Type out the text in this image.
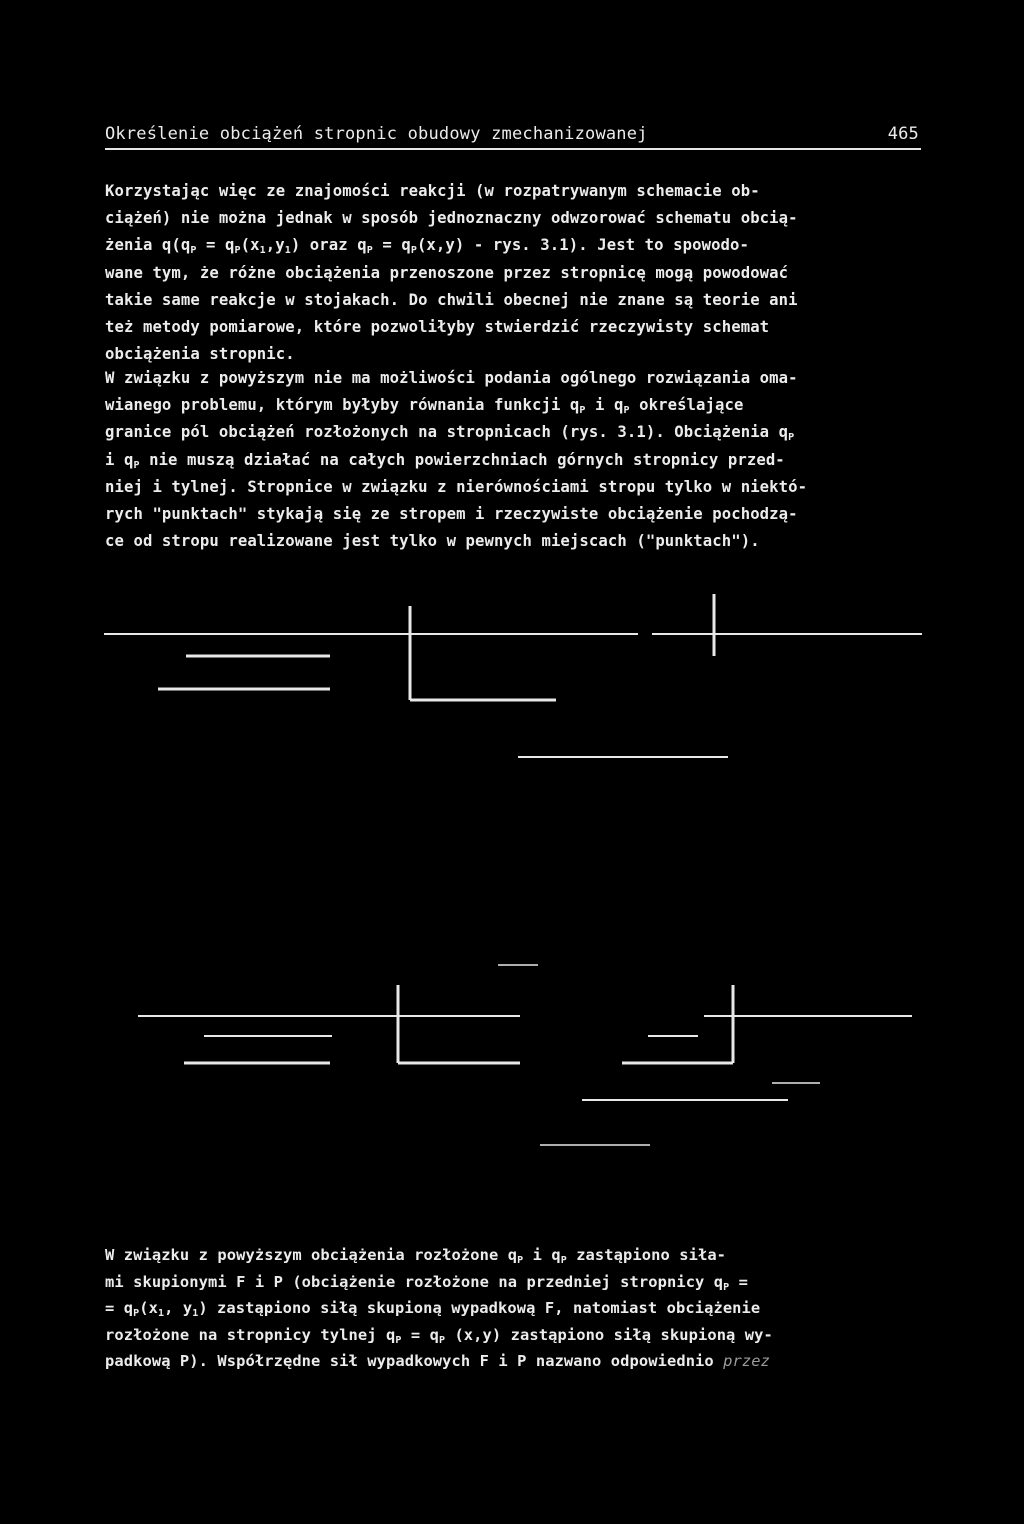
Określenie obciążeń stropnic obudowy zmechanizowanej	465

Korzystając więc ze znajomości reakcji (w rozpatrywanym schemacie ob-

ciążeń) nie można jednak w sposób jednoznaczny odwzorować schematu obcią-

żenia $q(q_P = q_P(x_1,y_1)$ oraz $q_P = q_P(x,y)$ - rys. 3.1). Jest to spowodo-

wane tym, że różne obciążenia przenoszone przez stropnicę mogą powodować

takie same reakcje w stojakach. Do chwili obecnej nie znane są teorie ani

też metody pomiarowe, które pozwoliłyby stwierdzić rzeczywisty schemat

obciążenia stropnic.

W związku z powyższym nie ma możliwości podania ogólnego rozwiązania oma-

wianego problemu, którym byłyby równania funkcji $q_P$ i $q_P$ określające

granice pól obciążeń rozłożonych na stropnicach (rys. 3.1). Obciążenia $q_P$

i $q_P$ nie muszą działać na całych powierzchniach górnych stropnicy przed-

niej i tylnej. Stropnice w związku z nierównościami stropu tylko w niektó-

rych "punktach" stykają się ze stropem i rzeczywiste obciążenie pochodzą-

ce od stropu realizowane jest tylko w pewnych miejscach ("punktach").

W związku z powyższym obciążenia rozłożone $q_P$ i $q_P$ zastąpiono siła-

mi skupionymi F i P (obciążenie rozłożone na przedniej stropnicy $q_P$ =

= $q_P(x_1$, $y_1$) zastąpiono siłą skupioną wypadkową F, natomiast obciążenie

rozłożone na stropnicy tylnej $q_P = q_P$ (x,y) zastąpiono siłą skupioną wy-

padkową P). Współrzędne sił wypadkowych F i P nazwano odpowiednio przez
